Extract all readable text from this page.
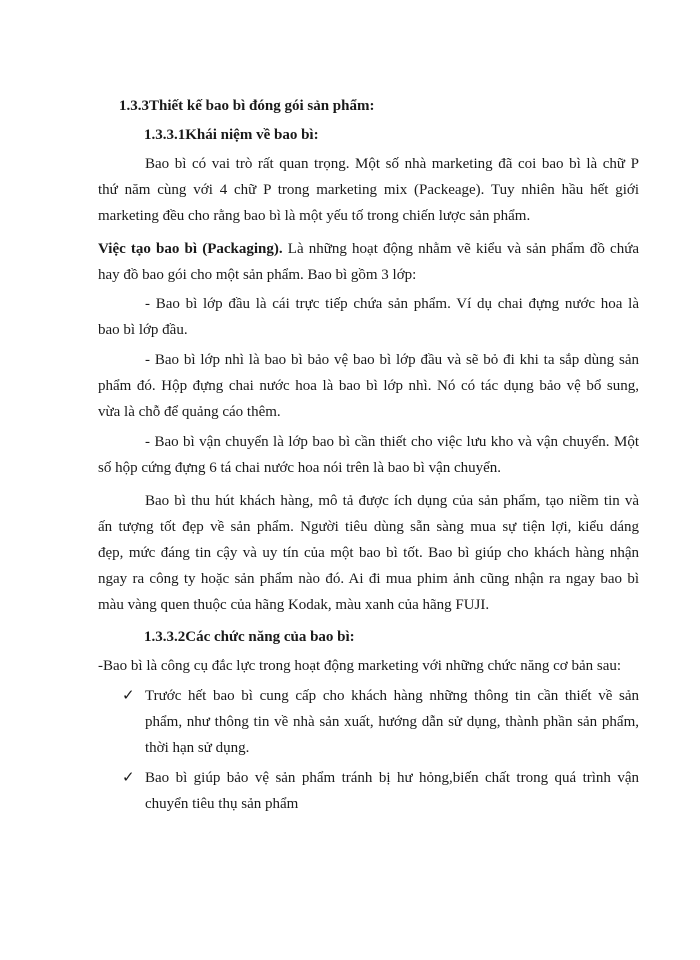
1.3.3Thiết kế bao bì đóng gói sản phẩm:
1.3.3.1Khái niệm về bao bì:
Bao bì có vai trò rất quan trọng. Một số nhà marketing đã coi bao bì là chữ P
thứ năm cùng với 4 chữ P trong marketing mix (Packeage). Tuy nhiên hầu hết giới
marketing đều cho rằng bao bì là một yếu tố trong chiến lược sản phẩm.
Việc tạo bao bì (Packaging). Là những hoạt động nhằm vẽ kiểu và sản phẩm đồ chứa
hay đồ bao gói cho một sản phẩm. Bao bì gồm 3 lớp:
- Bao bì lớp đầu là cái trực tiếp chứa sản phẩm. Ví dụ chai đựng nước hoa là
bao bì lớp đầu.
- Bao bì lớp nhì là bao bì bảo vệ bao bì lớp đầu và sẽ bỏ đi khi ta sắp dùng sản
phẩm đó. Hộp đựng chai nước hoa là bao bì lớp nhì. Nó có tác dụng bảo vệ bổ sung,
vừa là chỗ để quảng cáo thêm.
- Bao bì vận chuyển là lớp bao bì cần thiết cho việc lưu kho và vận chuyển. Một
số hộp cứng đựng 6 tá chai nước hoa nói trên là bao bì vận chuyển.
Bao bì thu hút khách hàng, mô tả được ích dụng của sản phẩm, tạo niềm tin và
ấn tượng tốt đẹp về sản phẩm. Người tiêu dùng sẵn sàng mua sự tiện lợi, kiểu dáng
đẹp, mức đáng tin cậy và uy tín của một bao bì tốt. Bao bì giúp cho khách hàng nhận
ngay ra công ty hoặc sản phẩm nào đó. Ai đi mua phim ảnh cũng nhận ra ngay bao bì
màu vàng quen thuộc của hãng Kodak, màu xanh của hãng FUJI.
1.3.3.2Các chức năng của bao bì:
-Bao bì là công cụ đắc lực trong hoạt động marketing với những chức năng cơ bản sau:
✓ Trước hết bao bì cung cấp cho khách hàng những thông tin cần thiết về sản
phẩm, như thông tin về nhà sản xuất, hướng dẫn sử dụng, thành phần sản phẩm,
thời hạn sử dụng.
✓ Bao bì giúp bảo vệ sản phẩm tránh bị hư hỏng,biến chất trong quá trình vận
chuyển tiêu thụ sản phẩm
